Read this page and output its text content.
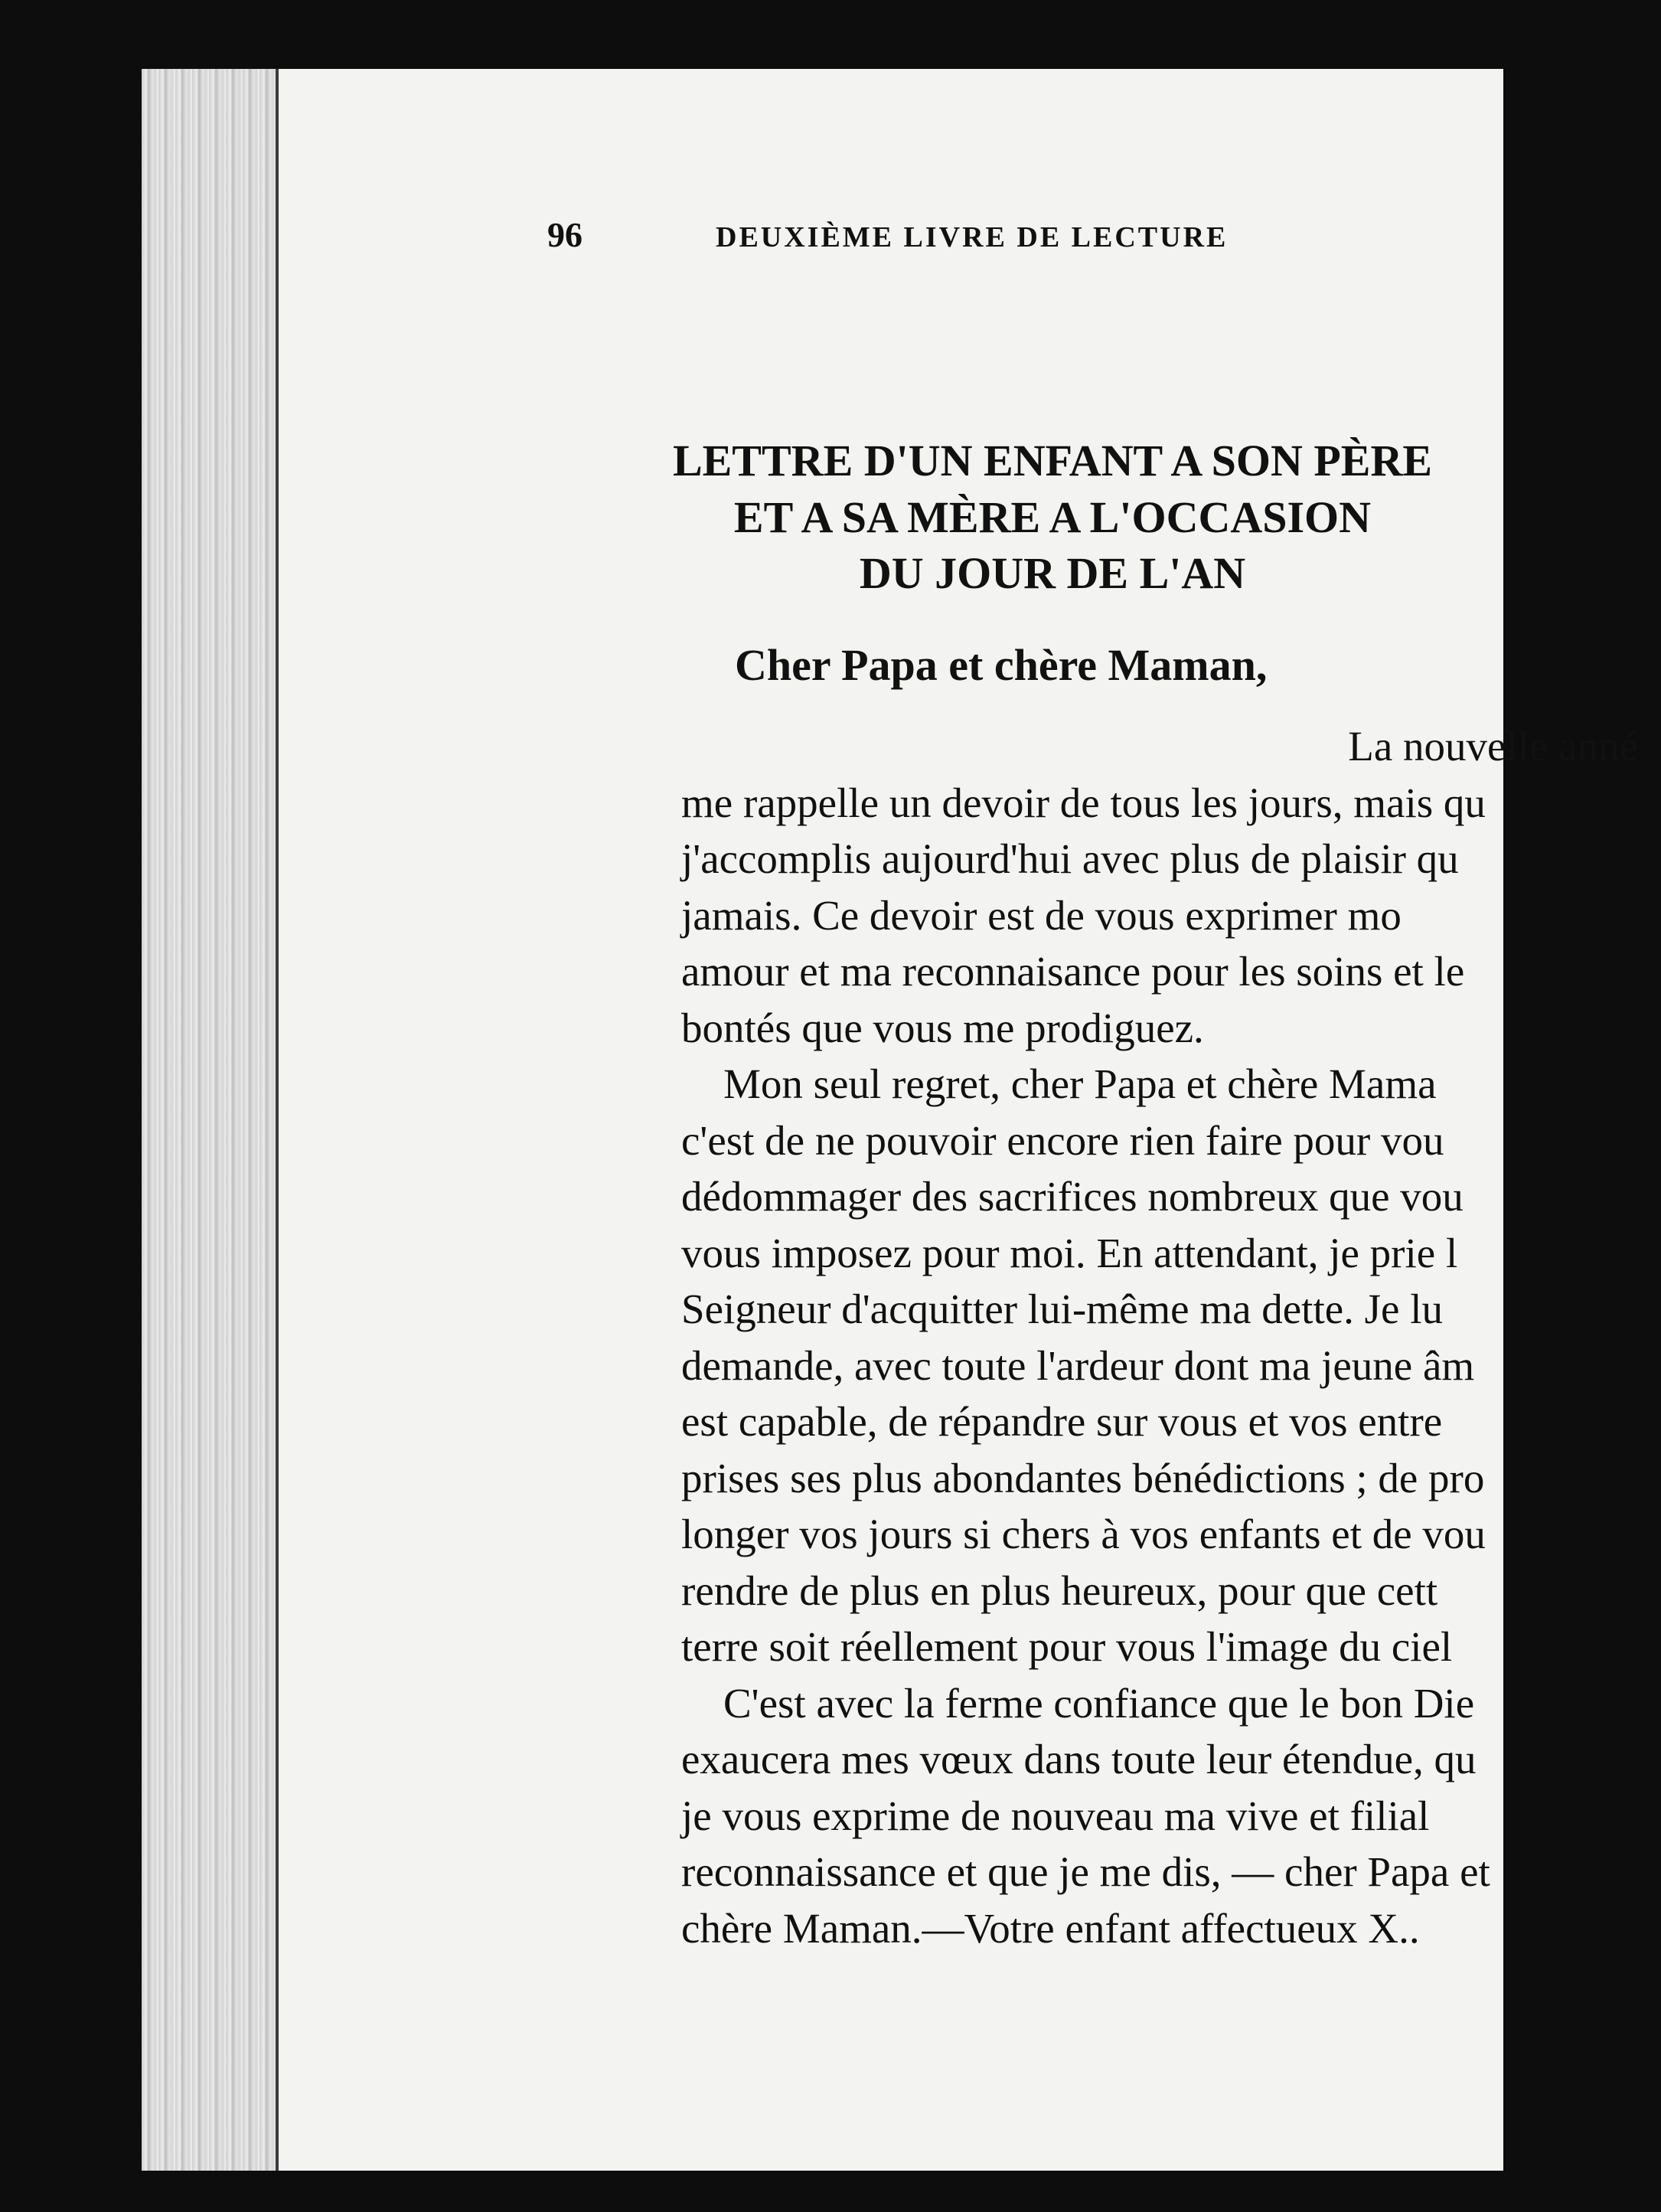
96	DEUXIÈME LIVRE DE LECTURE
LETTRE D'UN ENFANT A SON PÈRE
ET A SA MÈRE A L'OCCASION
DU JOUR DE L'AN
Cher Papa et chère Maman,
La nouvelle anné
me rappelle un devoir de tous les jours, mais qu
j'accomplis aujourd'hui avec plus de plaisir qu
jamais. Ce devoir est de vous exprimer mo
amour et ma reconnaisance pour les soins et le
bontés que vous me prodiguez.
Mon seul regret, cher Papa et chère Mama
c'est de ne pouvoir encore rien faire pour vou
dédommager des sacrifices nombreux que vou
vous imposez pour moi. En attendant, je prie l
Seigneur d'acquitter lui-même ma dette. Je lu
demande, avec toute l'ardeur dont ma jeune âm
est capable, de répandre sur vous et vos entre
prises ses plus abondantes bénédictions ; de pro
longer vos jours si chers à vos enfants et de vou
rendre de plus en plus heureux, pour que cett
terre soit réellement pour vous l'image du ciel
C'est avec la ferme confiance que le bon Die
exaucera mes vœux dans toute leur étendue, qu
je vous exprime de nouveau ma vive et filial
reconnaissance et que je me dis, — cher Papa et
chère Maman.—Votre enfant affectueux X..
